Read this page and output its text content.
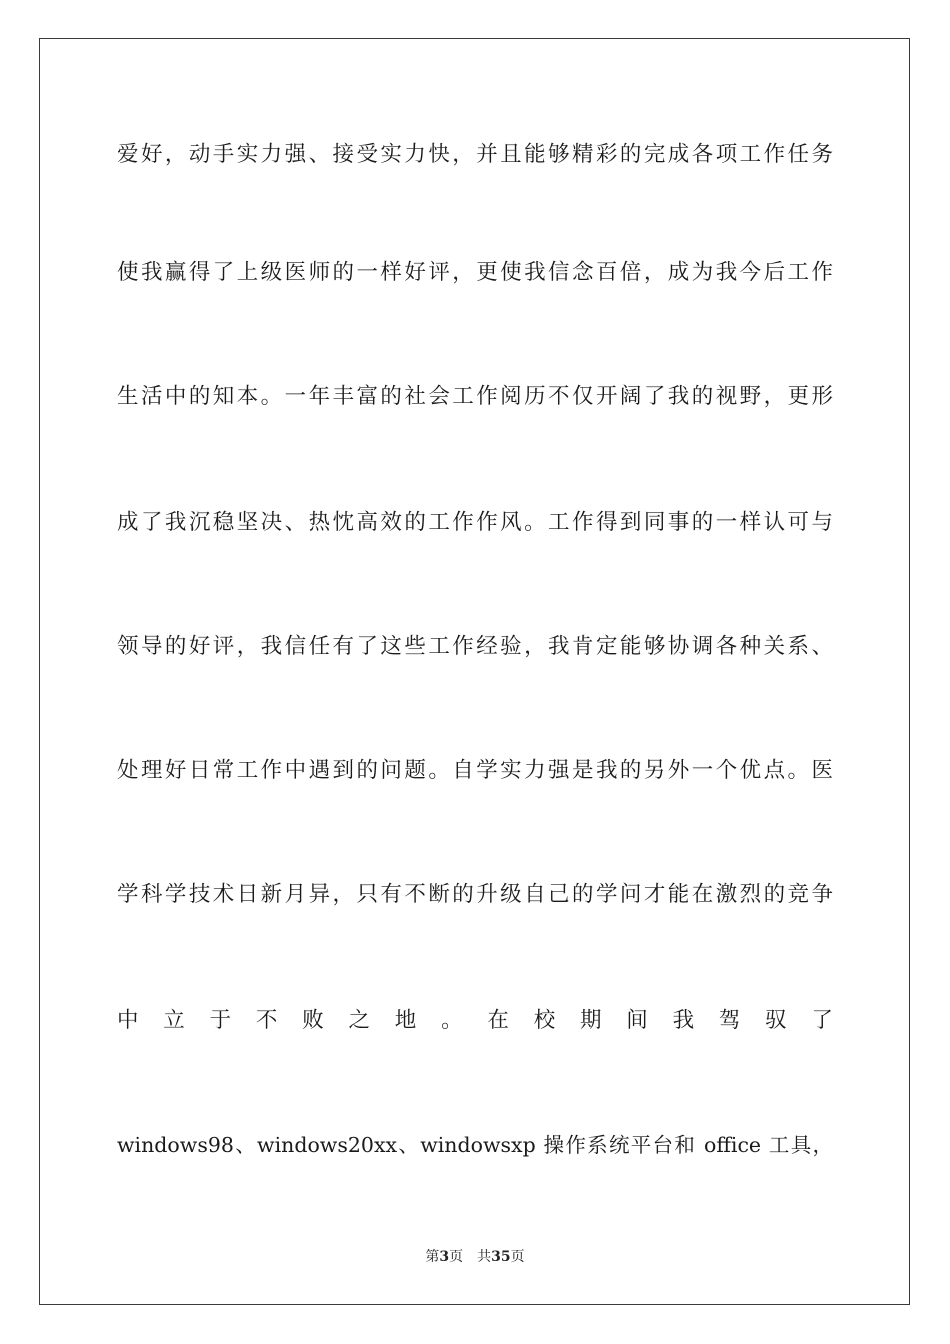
爱好，动手实力强、接受实力快，并且能够精彩的完成各项工作任务
使我赢得了上级医师的一样好评，更使我信念百倍，成为我今后工作
生活中的知本。一年丰富的社会工作阅历不仅开阔了我的视野，更形
成了我沉稳坚决、热忱高效的工作作风。工作得到同事的一样认可与
领导的好评，我信任有了这些工作经验，我肯定能够协调各种关系、
处理好日常工作中遇到的问题。自学实力强是我的另外一个优点。医
学科学技术日新月异，只有不断的升级自己的学问才能在激烈的竞争
中立于不败之地。在校期间我驾驭了
windows98、windows20xx、windowsxp 操作系统平台和 office 工具，
第3页 共35页
